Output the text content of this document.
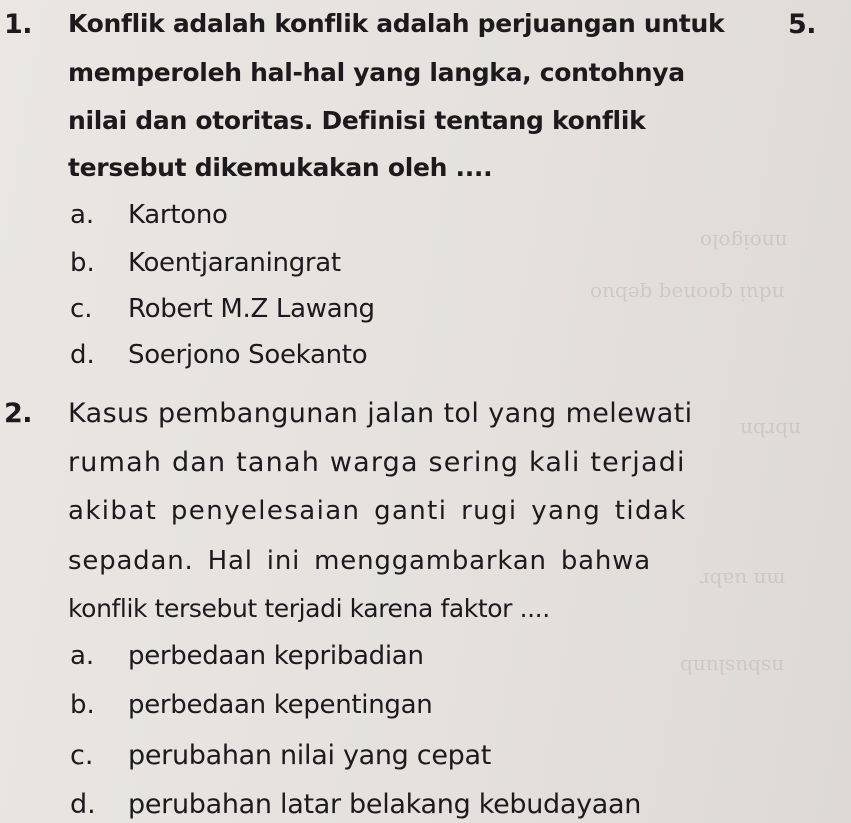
nnoigolo
ndui qoonəq qebuo
nbrbn
mn uabr
nsbuslunb
1. Konflik adalah konflik adalah perjuangan untuk
memperoleh hal-hal yang langka, contohnya
nilai dan otoritas. Definisi tentang konflik
tersebut dikemukakan oleh ....
a. Kartono
b. Koentjaraningrat
c. Robert M.Z Lawang
d. Soerjono Soekanto
5.
2. Kasus pembangunan jalan tol yang melewati
rumah dan tanah warga sering kali terjadi
akibat penyelesaian ganti rugi yang tidak
sepadan. Hal ini menggambarkan bahwa
konflik tersebut terjadi karena faktor ....
a. perbedaan kepribadian
b. perbedaan kepentingan
c. perubahan nilai yang cepat
d. perubahan latar belakang kebudayaan
